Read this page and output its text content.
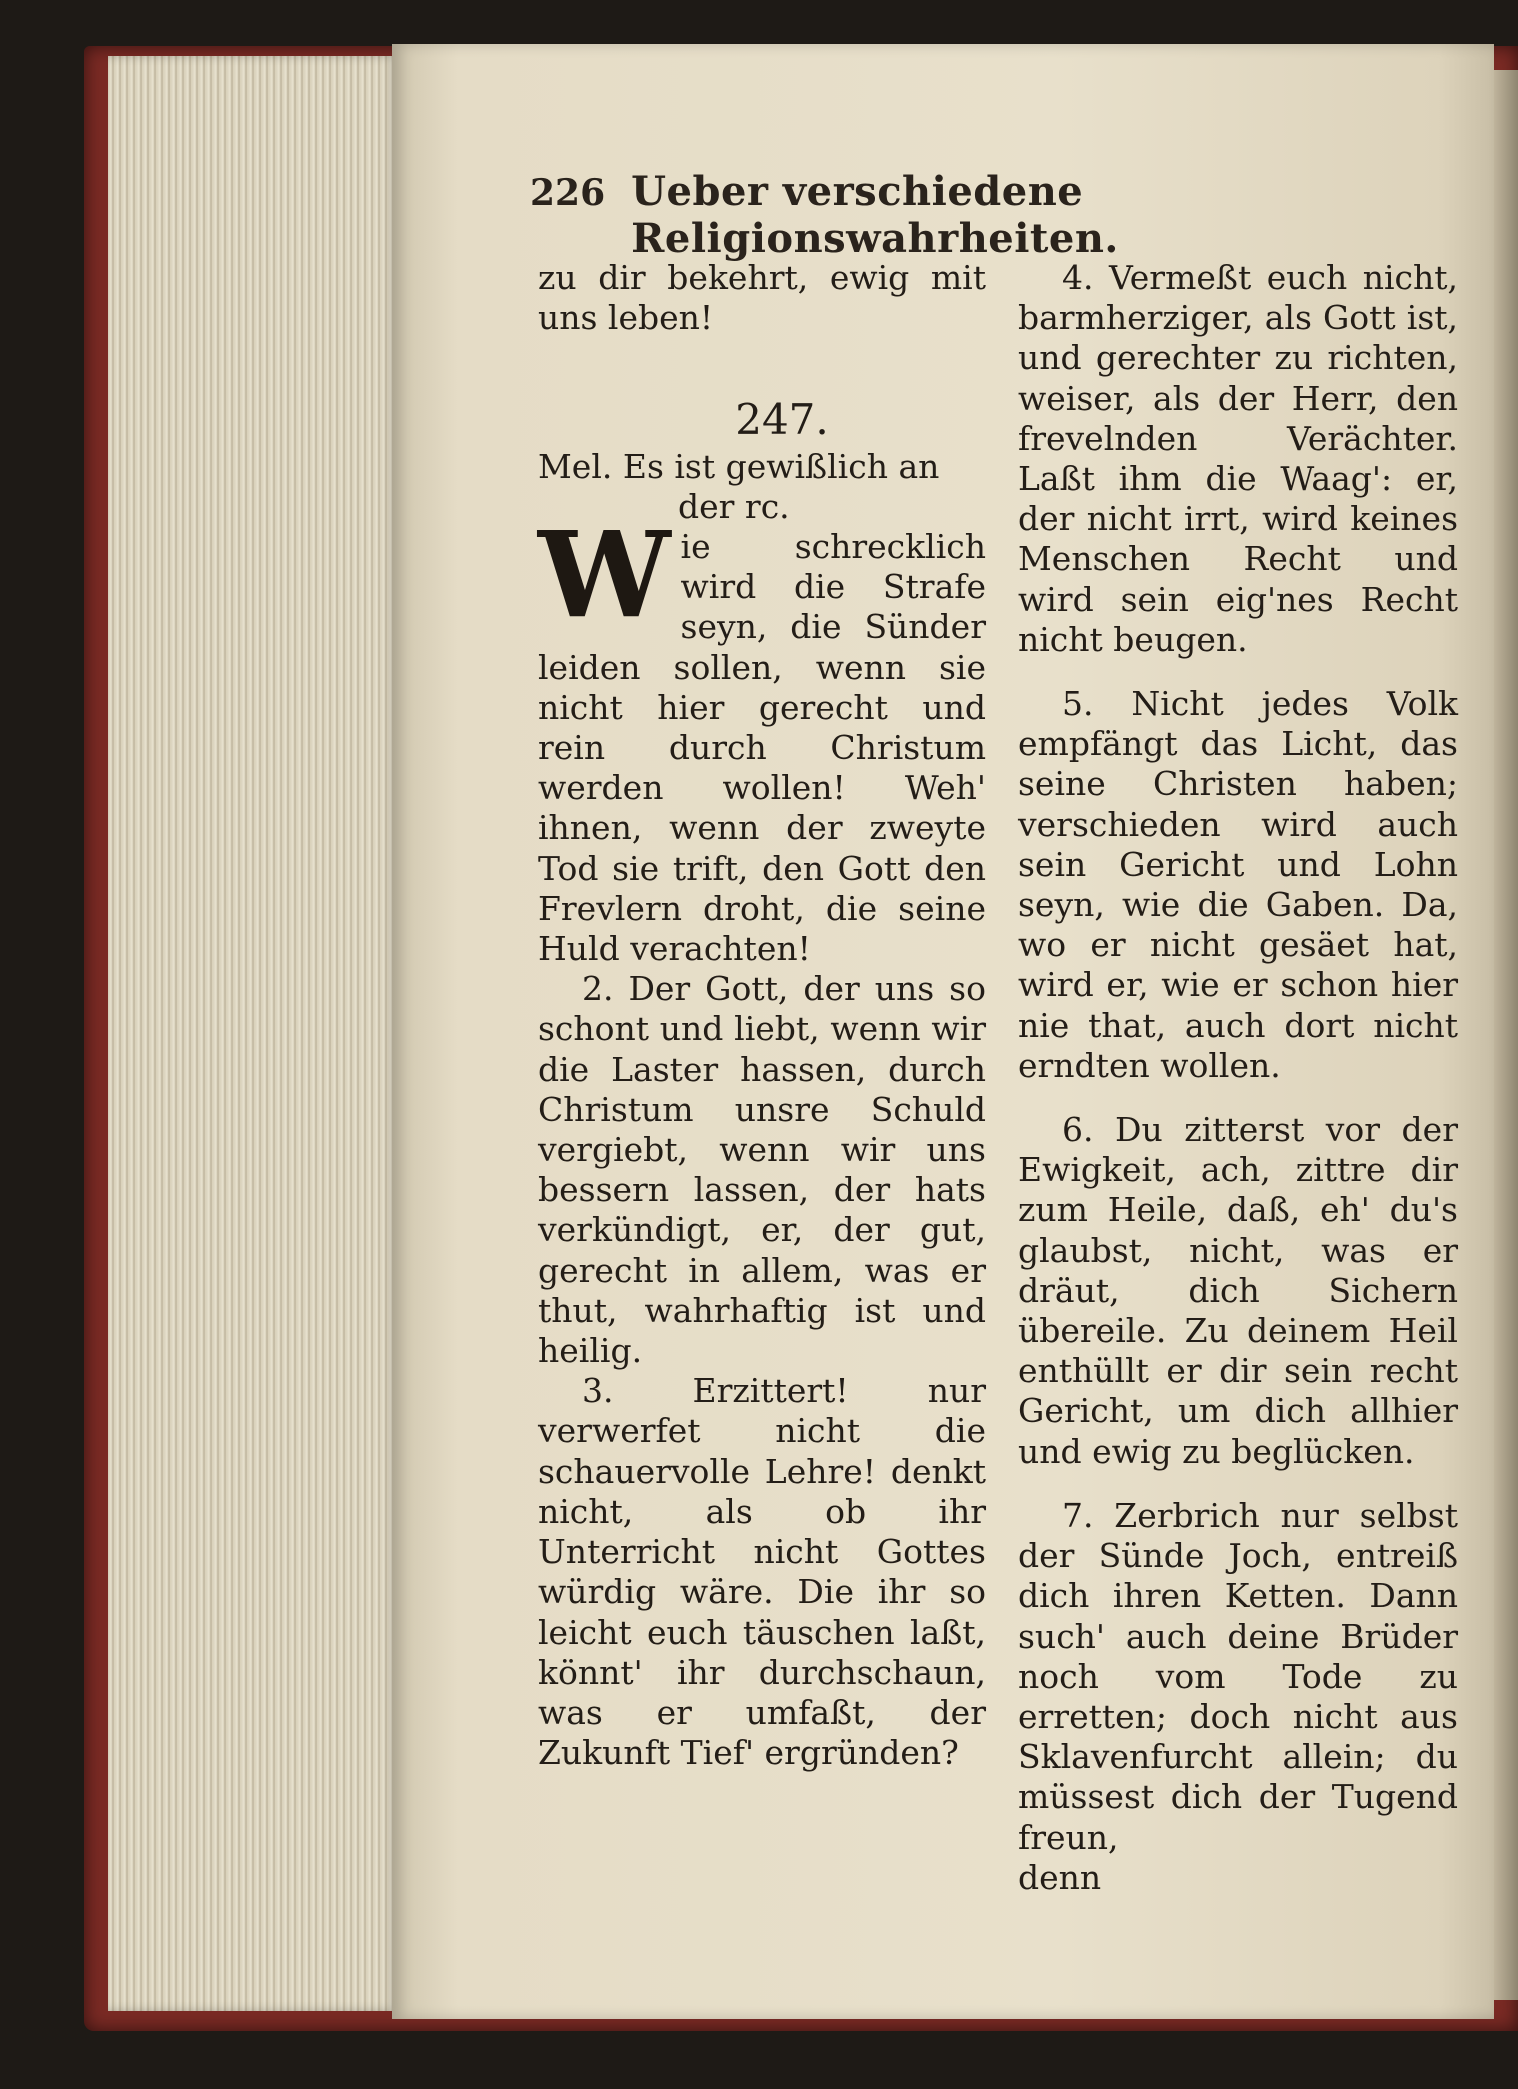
226 Ueber verschiedene Religionswahrheiten.

zu dir bekehrt, ewig mit uns leben!

247.

Mel. Es ist gewißlich an
der rc.

Wie schrecklich wird die Strafe seyn, die Sünder leiden sollen, wenn sie nicht hier gerecht und rein durch Christum werden wollen! Weh' ihnen, wenn der zweyte Tod sie trift, den Gott den Frevlern droht, die seine Huld verachten!

2. Der Gott, der uns so schont und liebt, wenn wir die Laster hassen, durch Christum unsre Schuld vergiebt, wenn wir uns bessern lassen, der hats verkündigt, er, der gut, gerecht in allem, was er thut, wahrhaftig ist und heilig.

3. Erzittert! nur verwerfet nicht die schauervolle Lehre! denkt nicht, als ob ihr Unterricht nicht Gottes würdig wäre. Die ihr so leicht euch täuschen laßt, könnt' ihr durchschaun, was er umfaßt, der Zukunft Tief' ergründen?

4. Vermeßt euch nicht, barmherziger, als Gott ist, und gerechter zu richten, weiser, als der Herr, den frevelnden Verächter. Laßt ihm die Waag': er, der nicht irrt, wird keines Menschen Recht und wird sein eig'nes Recht nicht beugen.

5. Nicht jedes Volk empfängt das Licht, das seine Christen haben; verschieden wird auch sein Gericht und Lohn seyn, wie die Gaben. Da, wo er nicht gesäet hat, wird er, wie er schon hier nie that, auch dort nicht erndten wollen.

6. Du zitterst vor der Ewigkeit, ach, zittre dir zum Heile, daß, eh' du's glaubst, nicht, was er dräut, dich Sichern übereile. Zu deinem Heil enthüllt er dir sein recht Gericht, um dich allhier und ewig zu beglücken.

7. Zerbrich nur selbst der Sünde Joch, entreiß dich ihren Ketten. Dann such' auch deine Brüder noch vom Tode zu erretten; doch nicht aus Sklavenfurcht allein; du müssest dich der Tugend freun,

denn
